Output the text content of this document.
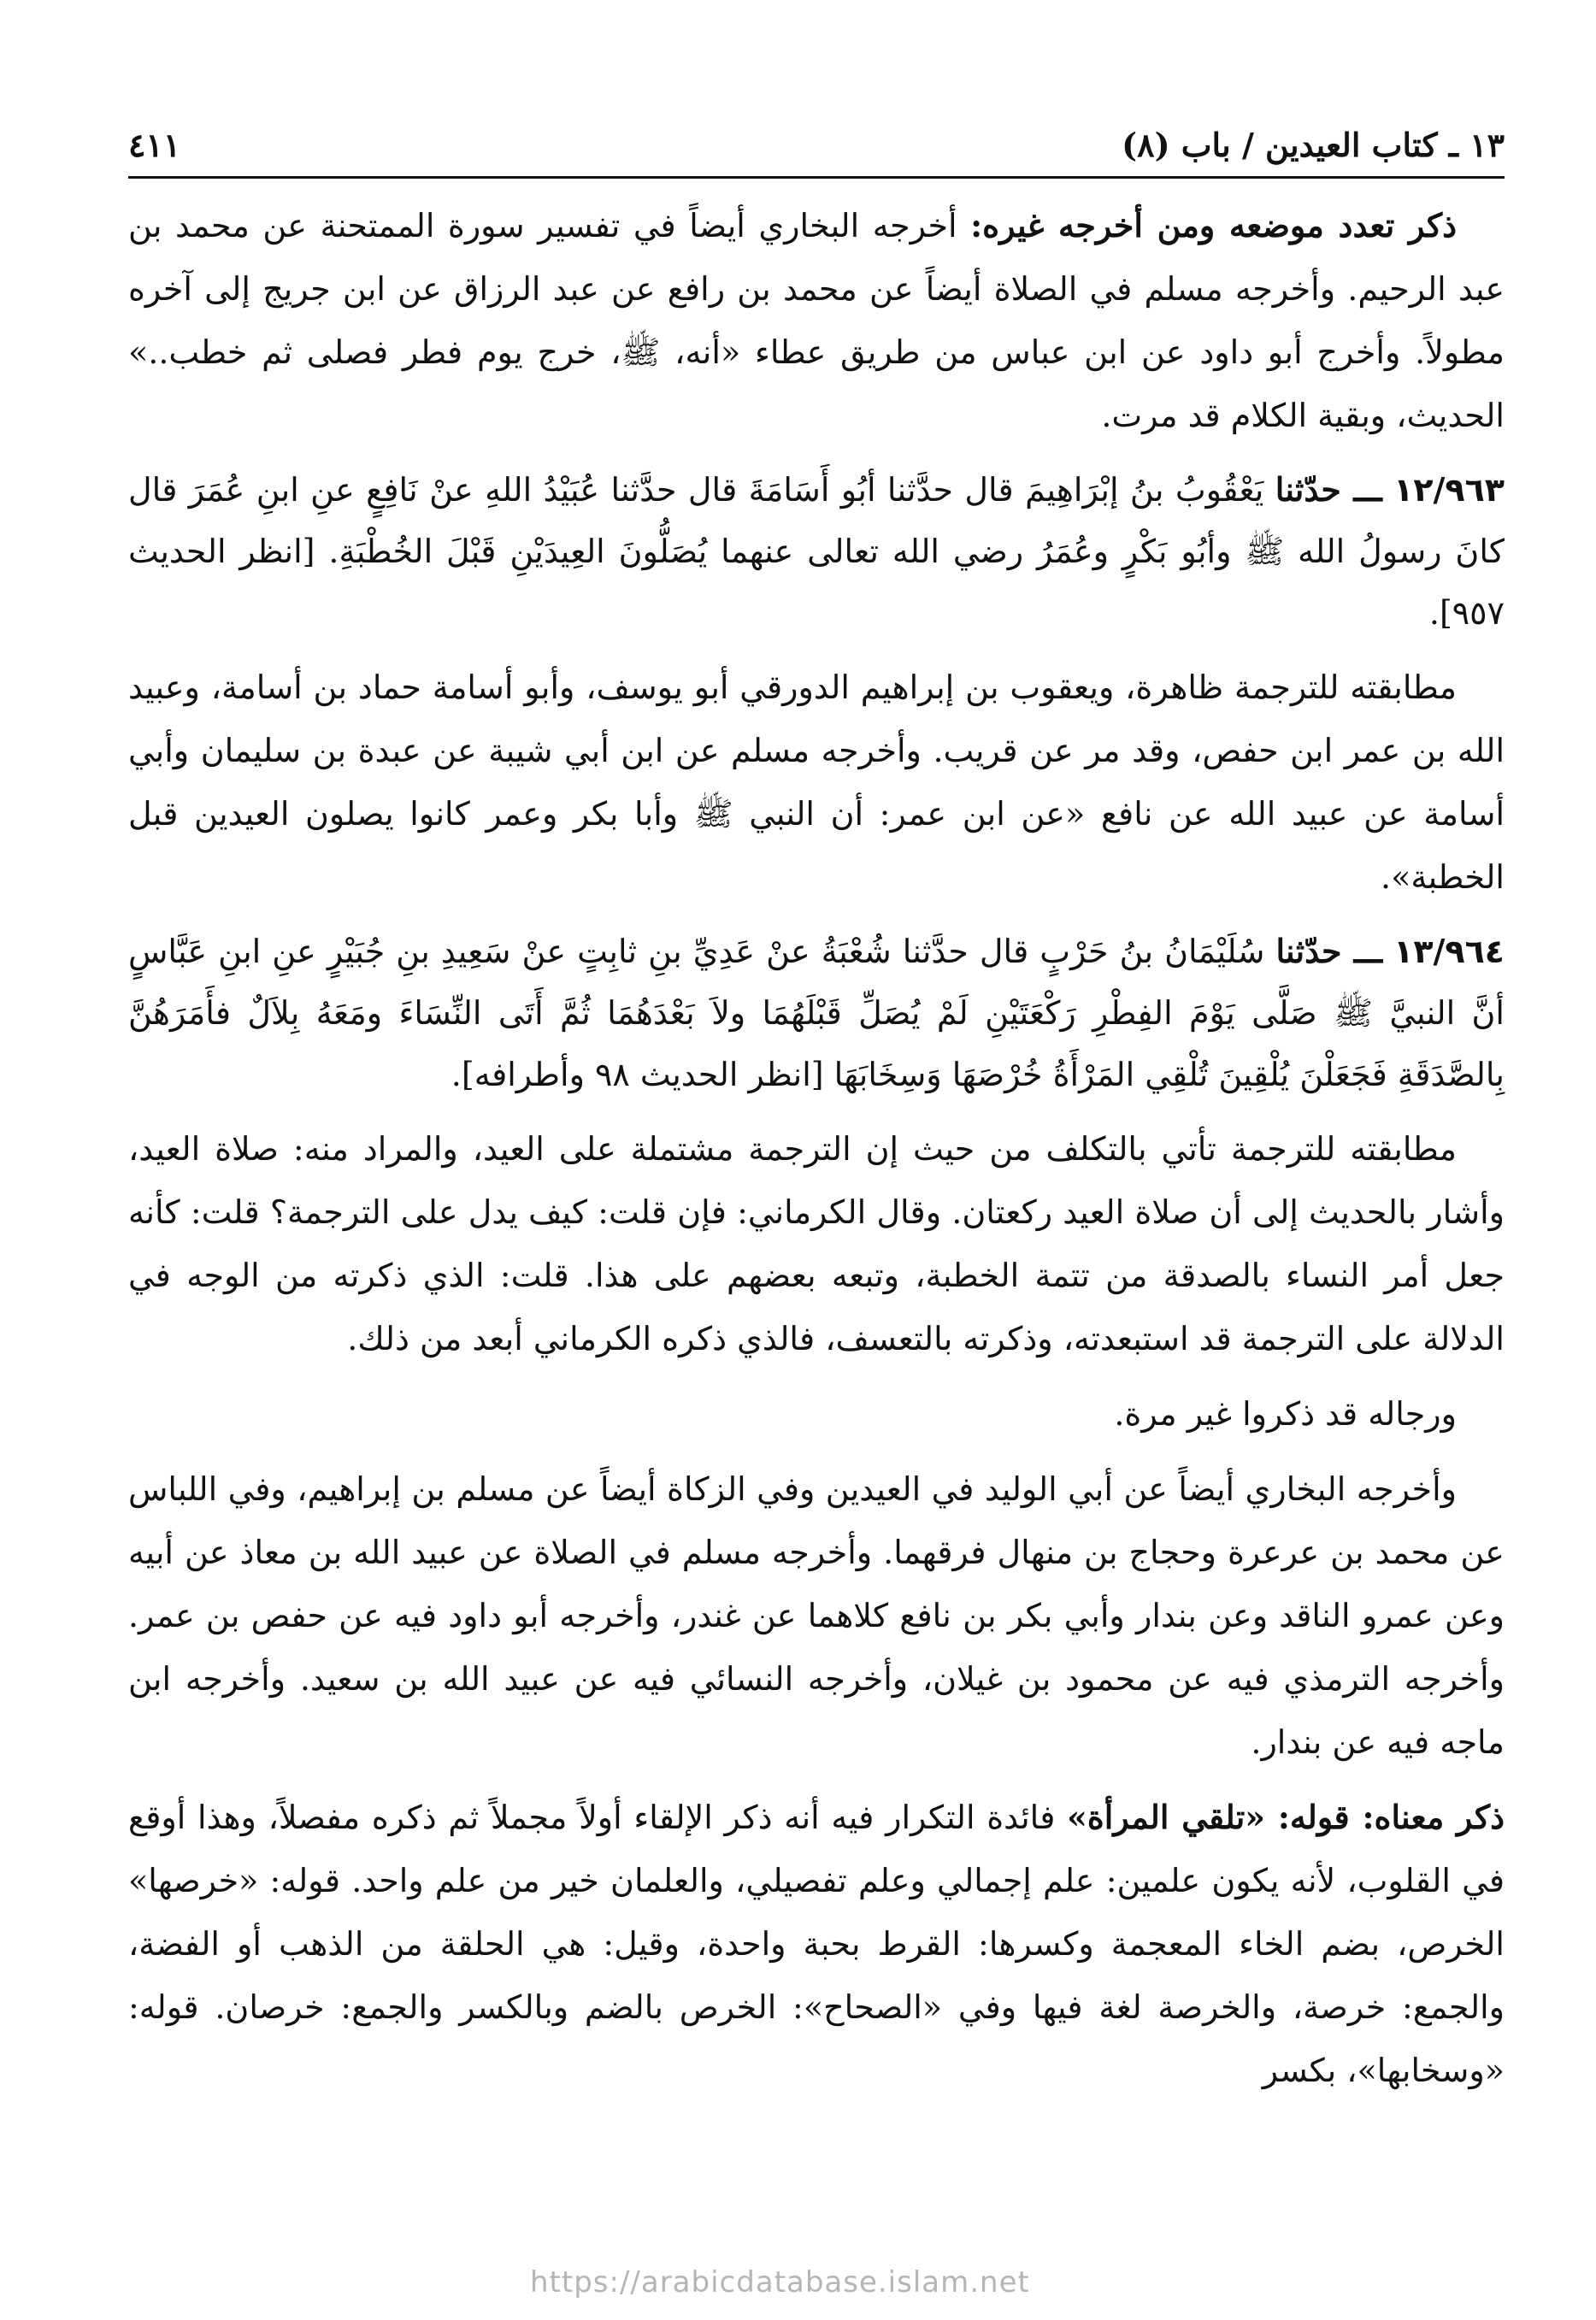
١٣ ـ كتاب العيدين / باب (٨)
٤١١

ذكر تعدد موضعه ومن أخرجه غيره: أخرجه البخاري أيضاً في تفسير سورة الممتحنة عن محمد بن عبد الرحيم. وأخرجه مسلم في الصلاة أيضاً عن محمد بن رافع عن عبد الرزاق عن ابن جريج إلى آخره مطولاً. وأخرج أبو داود عن ابن عباس من طريق عطاء «أنه، ﷺ، خرج يوم فطر فصلى ثم خطب..» الحديث، وبقية الكلام قد مرت.

١٢/٩٦٣ ـــ حدّثنا يَعْقُوبُ بنُ إبْرَاهِيمَ قال حدَّثنا أبُو أَسَامَةَ قال حدَّثنا عُبَيْدُ اللهِ عنْ نَافِعٍ عنِ ابنِ عُمَرَ قال كانَ رسولُ الله ﷺ وأبُو بَكْرٍ وعُمَرُ رضي الله تعالى عنهما يُصَلُّونَ العِيدَيْنِ قَبْلَ الخُطْبَةِ. [انظر الحديث ٩٥٧].

مطابقته للترجمة ظاهرة، ويعقوب بن إبراهيم الدورقي أبو يوسف، وأبو أسامة حماد بن أسامة، وعبيد الله بن عمر ابن حفص، وقد مر عن قريب. وأخرجه مسلم عن ابن أبي شيبة عن عبدة بن سليمان وأبي أسامة عن عبيد الله عن نافع «عن ابن عمر: أن النبي ﷺ وأبا بكر وعمر كانوا يصلون العيدين قبل الخطبة».

١٣/٩٦٤ ـــ حدّثنا سُلَيْمَانُ بنُ حَرْبٍ قال حدَّثنا شُعْبَةُ عنْ عَدِيِّ بنِ ثابِتٍ عنْ سَعِيدِ بنِ جُبَيْرٍ عنِ ابنِ عَبَّاسٍ أنَّ النبيَّ ﷺ صَلَّى يَوْمَ الفِطْرِ رَكْعَتَيْنِ لَمْ يُصَلِّ قَبْلَهُمَا ولاَ بَعْدَهُمَا ثُمَّ أَتَى النِّسَاءَ ومَعَهُ بِلاَلٌ فأَمَرَهُنَّ بِالصَّدَقَةِ فَجَعَلْنَ يُلْقِينَ تُلْقِي المَرْأَةُ خُرْصَهَا وَسِخَابَهَا [انظر الحديث ٩٨ وأطرافه].

مطابقته للترجمة تأتي بالتكلف من حيث إن الترجمة مشتملة على العيد، والمراد منه: صلاة العيد، وأشار بالحديث إلى أن صلاة العيد ركعتان. وقال الكرماني: فإن قلت: كيف يدل على الترجمة؟ قلت: كأنه جعل أمر النساء بالصدقة من تتمة الخطبة، وتبعه بعضهم على هذا. قلت: الذي ذكرته من الوجه في الدلالة على الترجمة قد استبعدته، وذكرته بالتعسف، فالذي ذكره الكرماني أبعد من ذلك.

ورجاله قد ذكروا غير مرة.

وأخرجه البخاري أيضاً عن أبي الوليد في العيدين وفي الزكاة أيضاً عن مسلم بن إبراهيم، وفي اللباس عن محمد بن عرعرة وحجاج بن منهال فرقهما. وأخرجه مسلم في الصلاة عن عبيد الله بن معاذ عن أبيه وعن عمرو الناقد وعن بندار وأبي بكر بن نافع كلاهما عن غندر، وأخرجه أبو داود فيه عن حفص بن عمر. وأخرجه الترمذي فيه عن محمود بن غيلان، وأخرجه النسائي فيه عن عبيد الله بن سعيد. وأخرجه ابن ماجه فيه عن بندار.

ذكر معناه: قوله: «تلقي المرأة» فائدة التكرار فيه أنه ذكر الإلقاء أولاً مجملاً ثم ذكره مفصلاً، وهذا أوقع في القلوب، لأنه يكون علمين: علم إجمالي وعلم تفصيلي، والعلمان خير من علم واحد. قوله: «خرصها» الخرص، بضم الخاء المعجمة وكسرها: القرط بحبة واحدة، وقيل: هي الحلقة من الذهب أو الفضة، والجمع: خرصة، والخرصة لغة فيها وفي «الصحاح»: الخرص بالضم وبالكسر والجمع: خرصان. قوله: «وسخابها»، بكسر

https://arabicdatabase.islam.net
